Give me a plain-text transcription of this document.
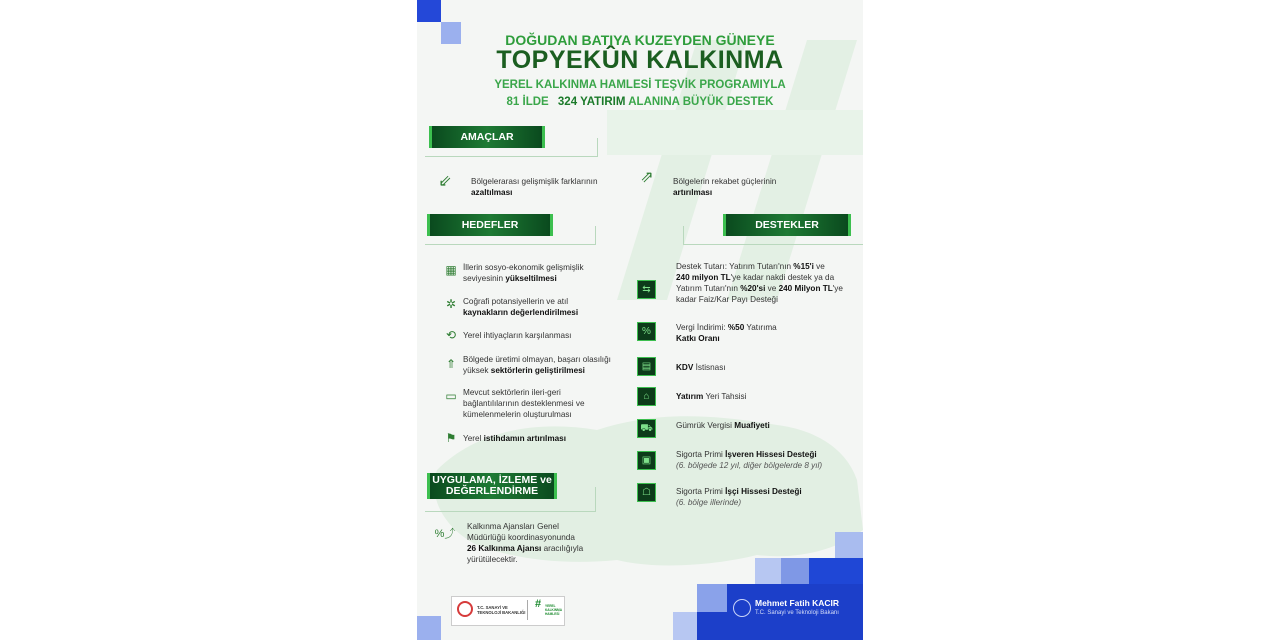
DOĞUDAN BATIYA KUZEYDEN GÜNEYE
TOPYEKÛN KALKINMA
YEREL KALKINMA HAMLESİ TEŞVİK PROGRAMIYLA
81 İLDE 324 YATIRIM ALANINA BÜYÜK DESTEK
AMAÇLAR
⇙ Bölgelerarası gelişmişlik farklarının
azaltılması
⇗ Bölgelerin rekabet güçlerinin
artırılması
HEDEFLER	DESTEKLER
▦ İllerin sosyo-ekonomik gelişmişlik
seviyesinin yükseltilmesi
✲ Coğrafi potansiyellerin ve atıl
kaynakların değerlendirilmesi
⟲ Yerel ihtiyaçların karşılanması
⇑ Bölgede üretimi olmayan, başarı olasılığı
yüksek sektörlerin geliştirilmesi
▭ Mevcut sektörlerin ileri-geri
bağlantılılarının desteklenmesi ve
kümelenmelerin oluşturulması
⚑ Yerel istihdamın artırılması
UYGULAMA, İZLEME ve
DEĞERLENDİRME
%⤴
Kalkınma Ajansları Genel
Müdürlüğü koordinasyonunda
26 Kalkınma Ajansı aracılığıyla
yürütülecektir.
⇆
Destek Tutarı: Yatırım Tutarı'nın %15'i ve
240 milyon TL'ye kadar nakdi destek ya da
Yatırım Tutarı'nın %20'si ve 240 Milyon TL'ye
kadar Faiz/Kar Payı Desteği
%	Vergi İndirimi: %50 Yatırıma
Katkı Oranı
▤	KDV İstisnası
⌂	Yatırım Yeri Tahsisi
⛟	Gümrük Vergisi Muafiyeti
▣
Sigorta Primi İşveren Hissesi Desteği
(6. bölgede 12 yıl, diğer bölgelerde 8 yıl)
☖	Sigorta Primi İşçi Hissesi Desteği
(6. bölge illerinde)
Mehmet Fatih KACIR
T.C. Sanayi ve Teknoloji Bakanı
T.C. SANAYİ VE
TEKNOLOJİ BAKANLIĞI
# YEREL KALKINMA HAMLESİ
